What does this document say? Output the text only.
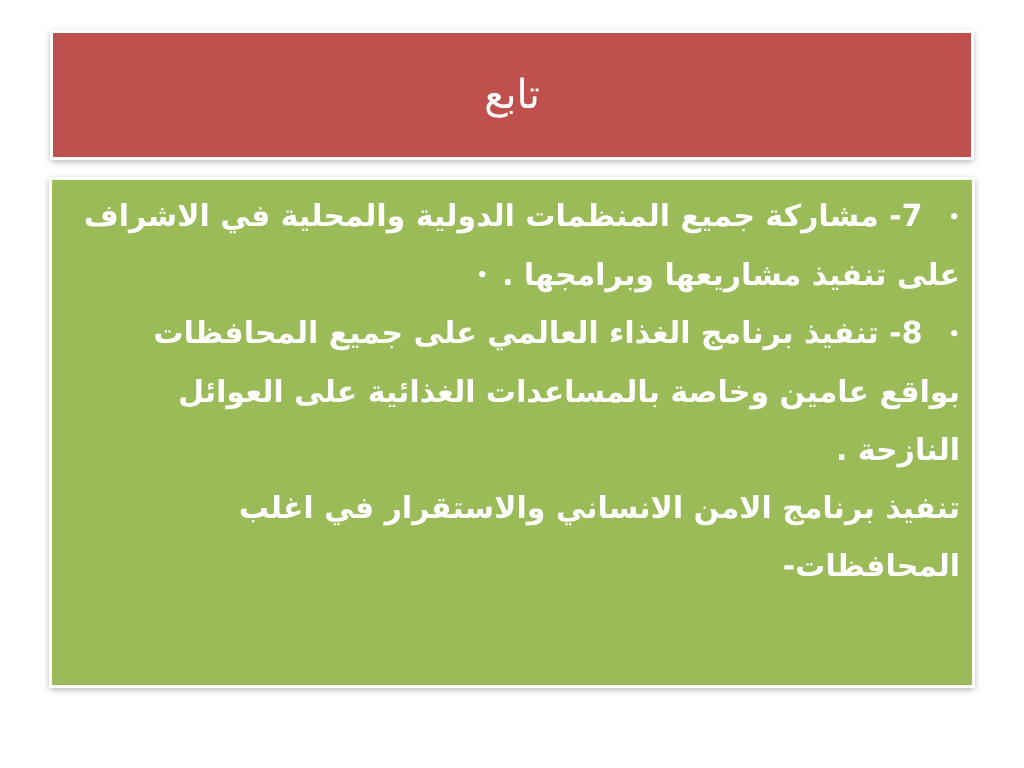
تابع

•7- مشاركة جميع المنظمات الدولية والمحلية في الاشراف

على تنفيذ مشاريعها وبرامجها .•

•8- تنفيذ برنامج الغذاء العالمي على جميع المحافظات بواقع عامين وخاصة بالمساعدات الغذائية على العوائل النازحة .

تنفيذ برنامج الامن الانساني والاستقرار في اغلب المحافظات-
